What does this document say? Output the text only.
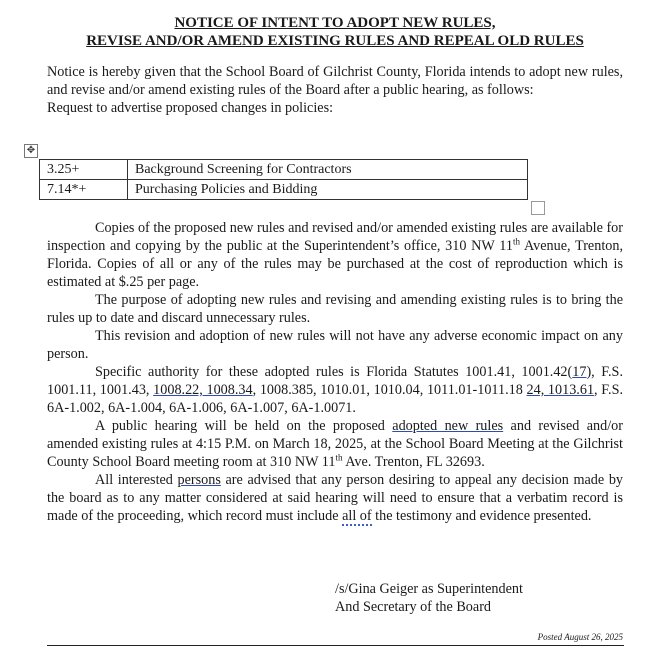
NOTICE OF INTENT TO ADOPT NEW RULES,
REVISE AND/OR AMEND EXISTING RULES AND REPEAL OLD RULES

Notice is hereby given that the School Board of Gilchrist County, Florida intends to adopt new rules, and revise and/or amend existing rules of the Board after a public hearing, as follows:

Request to advertise proposed changes in policies:

✥
3.25+	Background Screening for Contractors
7.14*+	Purchasing Policies and Bidding

Copies of the proposed new rules and revised and/or amended existing rules are available for inspection and copying by the public at the Superintendent’s office, 310 NW 11th Avenue, Trenton, Florida. Copies of all or any of the rules may be purchased at the cost of reproduction which is estimated at $.25 per page.

The purpose of adopting new rules and revising and amending existing rules is to bring the rules up to date and discard unnecessary rules.

This revision and adoption of new rules will not have any adverse economic impact on any person.

Specific authority for these adopted rules is Florida Statutes 1001.41, 1001.42(17), F.S. 1001.11, 1001.43, 1008.22, 1008.34, 1008.385, 1010.01, 1010.04, 1011.01-1011.18 24, 1013.61, F.S. 6A-1.002, 6A-1.004, 6A-1.006, 6A-1.007, 6A-1.0071.

A public hearing will be held on the proposed adopted new rules and revised and/or amended existing rules at 4:15 P.M. on March 18, 2025, at the School Board Meeting at the Gilchrist County School Board meeting room at 310 NW 11th Ave. Trenton, FL 32693.

All interested persons are advised that any person desiring to appeal any decision made by the board as to any matter considered at said hearing will need to ensure that a verbatim record is made of the proceeding, which record must include all of the testimony and evidence presented.

/s/Gina Geiger as Superintendent
And Secretary of the Board
Posted August 26, 2025
